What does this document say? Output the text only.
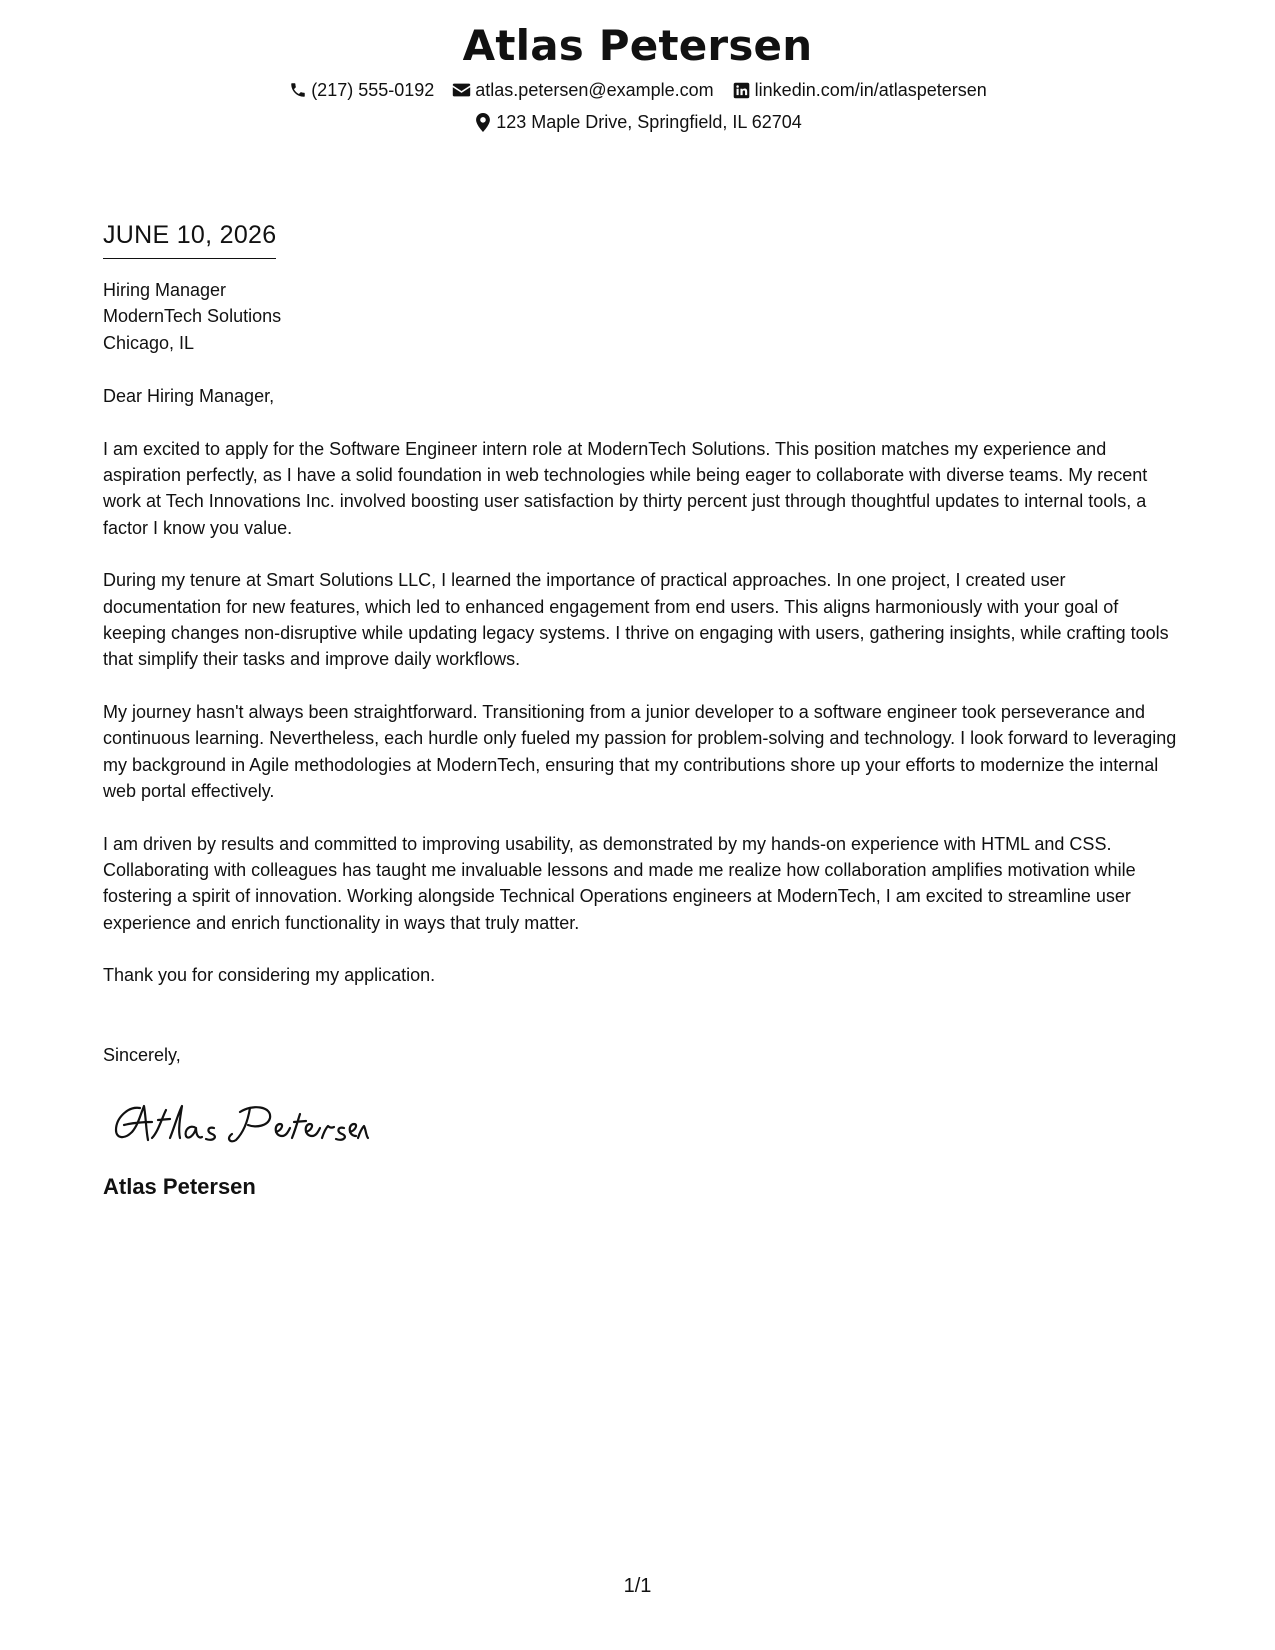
Atlas Petersen
(217) 555-0192 atlas.petersen@example.com linkedin.com/in/atlaspetersen
123 Maple Drive, Springfield, IL 62704
JUNE 10, 2026
Hiring Manager
ModernTech Solutions
Chicago, IL
Dear Hiring Manager,
I am excited to apply for the Software Engineer intern role at ModernTech Solutions. This position matches my experience and aspiration perfectly, as I have a solid foundation in web technologies while being eager to collaborate with diverse teams. My recent work at Tech Innovations Inc. involved boosting user satisfaction by thirty percent just through thoughtful updates to internal tools, a factor I know you value.
During my tenure at Smart Solutions LLC, I learned the importance of practical approaches. In one project, I created user documentation for new features, which led to enhanced engagement from end users. This aligns harmoniously with your goal of keeping changes non-disruptive while updating legacy systems. I thrive on engaging with users, gathering insights, while crafting tools that simplify their tasks and improve daily workflows.
My journey hasn't always been straightforward. Transitioning from a junior developer to a software engineer took perseverance and continuous learning. Nevertheless, each hurdle only fueled my passion for problem-solving and technology. I look forward to leveraging my background in Agile methodologies at ModernTech, ensuring that my contributions shore up your efforts to modernize the internal web portal effectively.
I am driven by results and committed to improving usability, as demonstrated by my hands-on experience with HTML and CSS. Collaborating with colleagues has taught me invaluable lessons and made me realize how collaboration amplifies motivation while fostering a spirit of innovation. Working alongside Technical Operations engineers at ModernTech, I am excited to streamline user experience and enrich functionality in ways that truly matter.
Thank you for considering my application.
Sincerely,
Atlas Petersen
1/1
